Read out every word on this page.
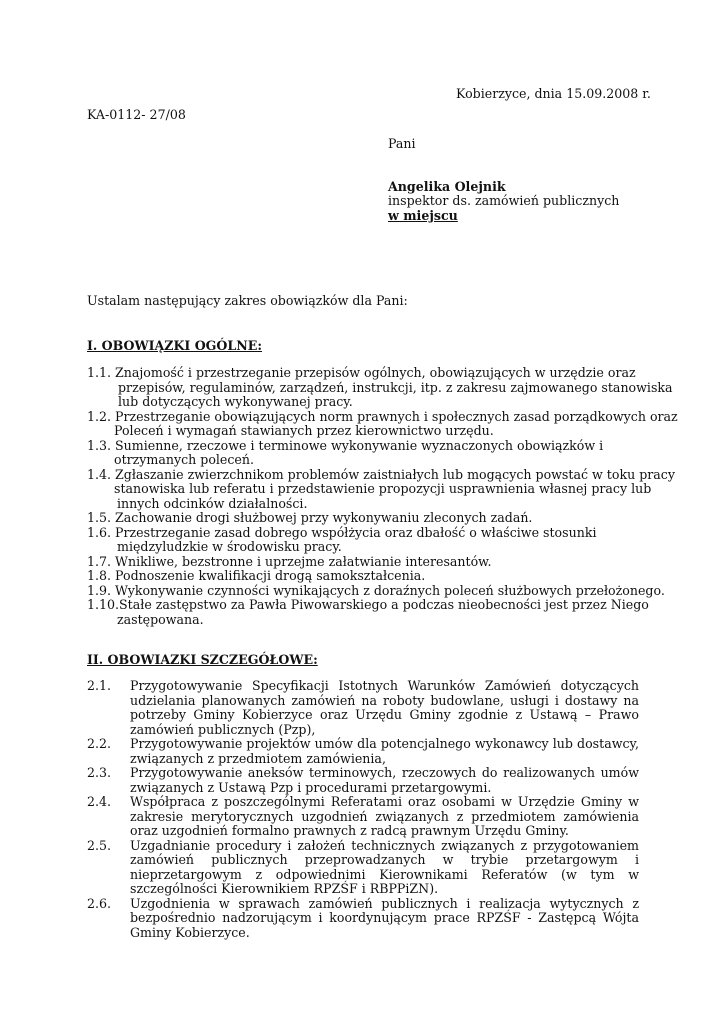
Kobierzyce, dnia 15.09.2008 r.
KA-0112- 27/08
Pani
Angelika Olejnik
inspektor ds. zamówień publicznych
w miejscu
Ustalam następujący zakres obowiązków dla Pani:
I. OBOWIĄZKI OGÓLNE:
1.1. Znajomość i przestrzeganie przepisów ogólnych, obowiązujących w urzędzie oraz
przepisów, regulaminów, zarządzeń, instrukcji, itp. z zakresu zajmowanego stanowiska
lub dotyczących wykonywanej pracy.
1.2. Przestrzeganie obowiązujących norm prawnych i społecznych zasad porządkowych oraz
Poleceń i wymagań stawianych przez kierownictwo urzędu.
1.3. Sumienne, rzeczowe i terminowe wykonywanie wyznaczonych obowiązków i
otrzymanych poleceń.
1.4. Zgłaszanie zwierzchnikom problemów zaistniałych lub mogących powstać w toku pracy
stanowiska lub referatu i przedstawienie propozycji usprawnienia własnej pracy lub
innych odcinków działalności.
1.5. Zachowanie drogi służbowej przy wykonywaniu zleconych zadań.
1.6. Przestrzeganie zasad dobrego współżycia oraz dbałość o właściwe stosunki
międzyludzkie w środowisku pracy.
1.7. Wnikliwe, bezstronne i uprzejme załatwianie interesantów.
1.8. Podnoszenie kwalifikacji drogą samokształcenia.
1.9. Wykonywanie czynności wynikających z doraźnych poleceń służbowych przełożonego.
1.10.Stałe zastępstwo za Pawła Piwowarskiego a podczas nieobecności jest przez Niego
zastępowana.
II. OBOWIAZKI SZCZEGÓŁOWE:
2.1. Przygotowywanie Specyfikacji Istotnych Warunków Zamówień dotyczących udzielania planowanych zamówień na roboty budowlane, usługi i dostawy na potrzeby Gminy Kobierzyce oraz Urzędu Gminy zgodnie z Ustawą – Prawo zamówień publicznych (Pzp),
2.2. Przygotowywanie projektów umów dla potencjalnego wykonawcy lub dostawcy, związanych z przedmiotem zamówienia,
2.3. Przygotowywanie aneksów terminowych, rzeczowych do realizowanych umów związanych z Ustawą Pzp i procedurami przetargowymi.
2.4. Współpraca z poszczególnymi Referatami oraz osobami w Urzędzie Gminy w zakresie merytorycznych uzgodnień związanych z przedmiotem zamówienia oraz uzgodnień formalno prawnych z radcą prawnym Urzędu Gminy.
2.5. Uzgadnianie procedury i założeń technicznych związanych z przygotowaniem zamówień publicznych przeprowadzanych w trybie przetargowym i nieprzetargowym z odpowiednimi Kierownikami Referatów (w tym w szczególności Kierownikiem RPZŚF i RBPPiZN).
2.6. Uzgodnienia w sprawach zamówień publicznych i realizacja wytycznych z bezpośrednio nadzorującym i koordynującym prace RPZŚF - Zastępcą Wójta Gminy Kobierzyce.
